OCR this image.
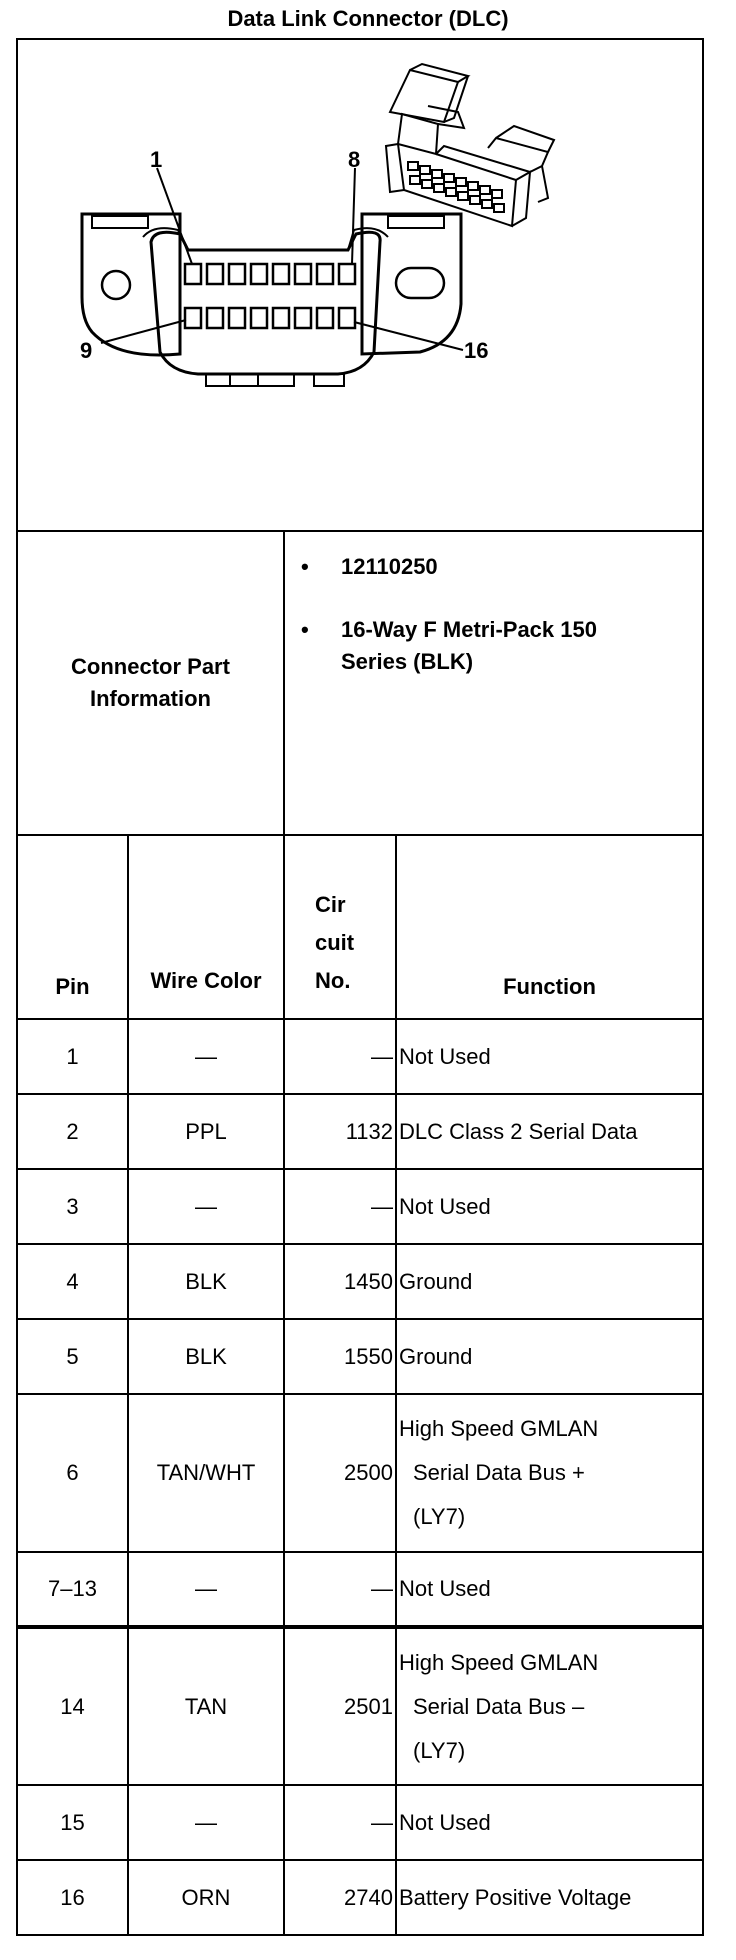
Data Link Connector (DLC)
1 8
9 16			

Connector Part Information		• 12110250
• 16-Way F Metri-Pack 150 Series (BLK)	

Pin	Wire Color	Cir cuit No.	Function
1	—	—	Not Used
2	PPL	1132	DLC Class 2 Serial Data
3	—	—	Not Used
4	BLK	1450	Ground
5	BLK	1550	Ground
6	TAN/WHT	2500	High Speed GMLAN
Serial Data Bus +
(LY7)

7–13	—	—	Not Used
14	TAN	2501	High Speed GMLAN
Serial Data Bus –
(LY7)

15	—	—	Not Used
16	ORN	2740	Battery Positive Voltage
